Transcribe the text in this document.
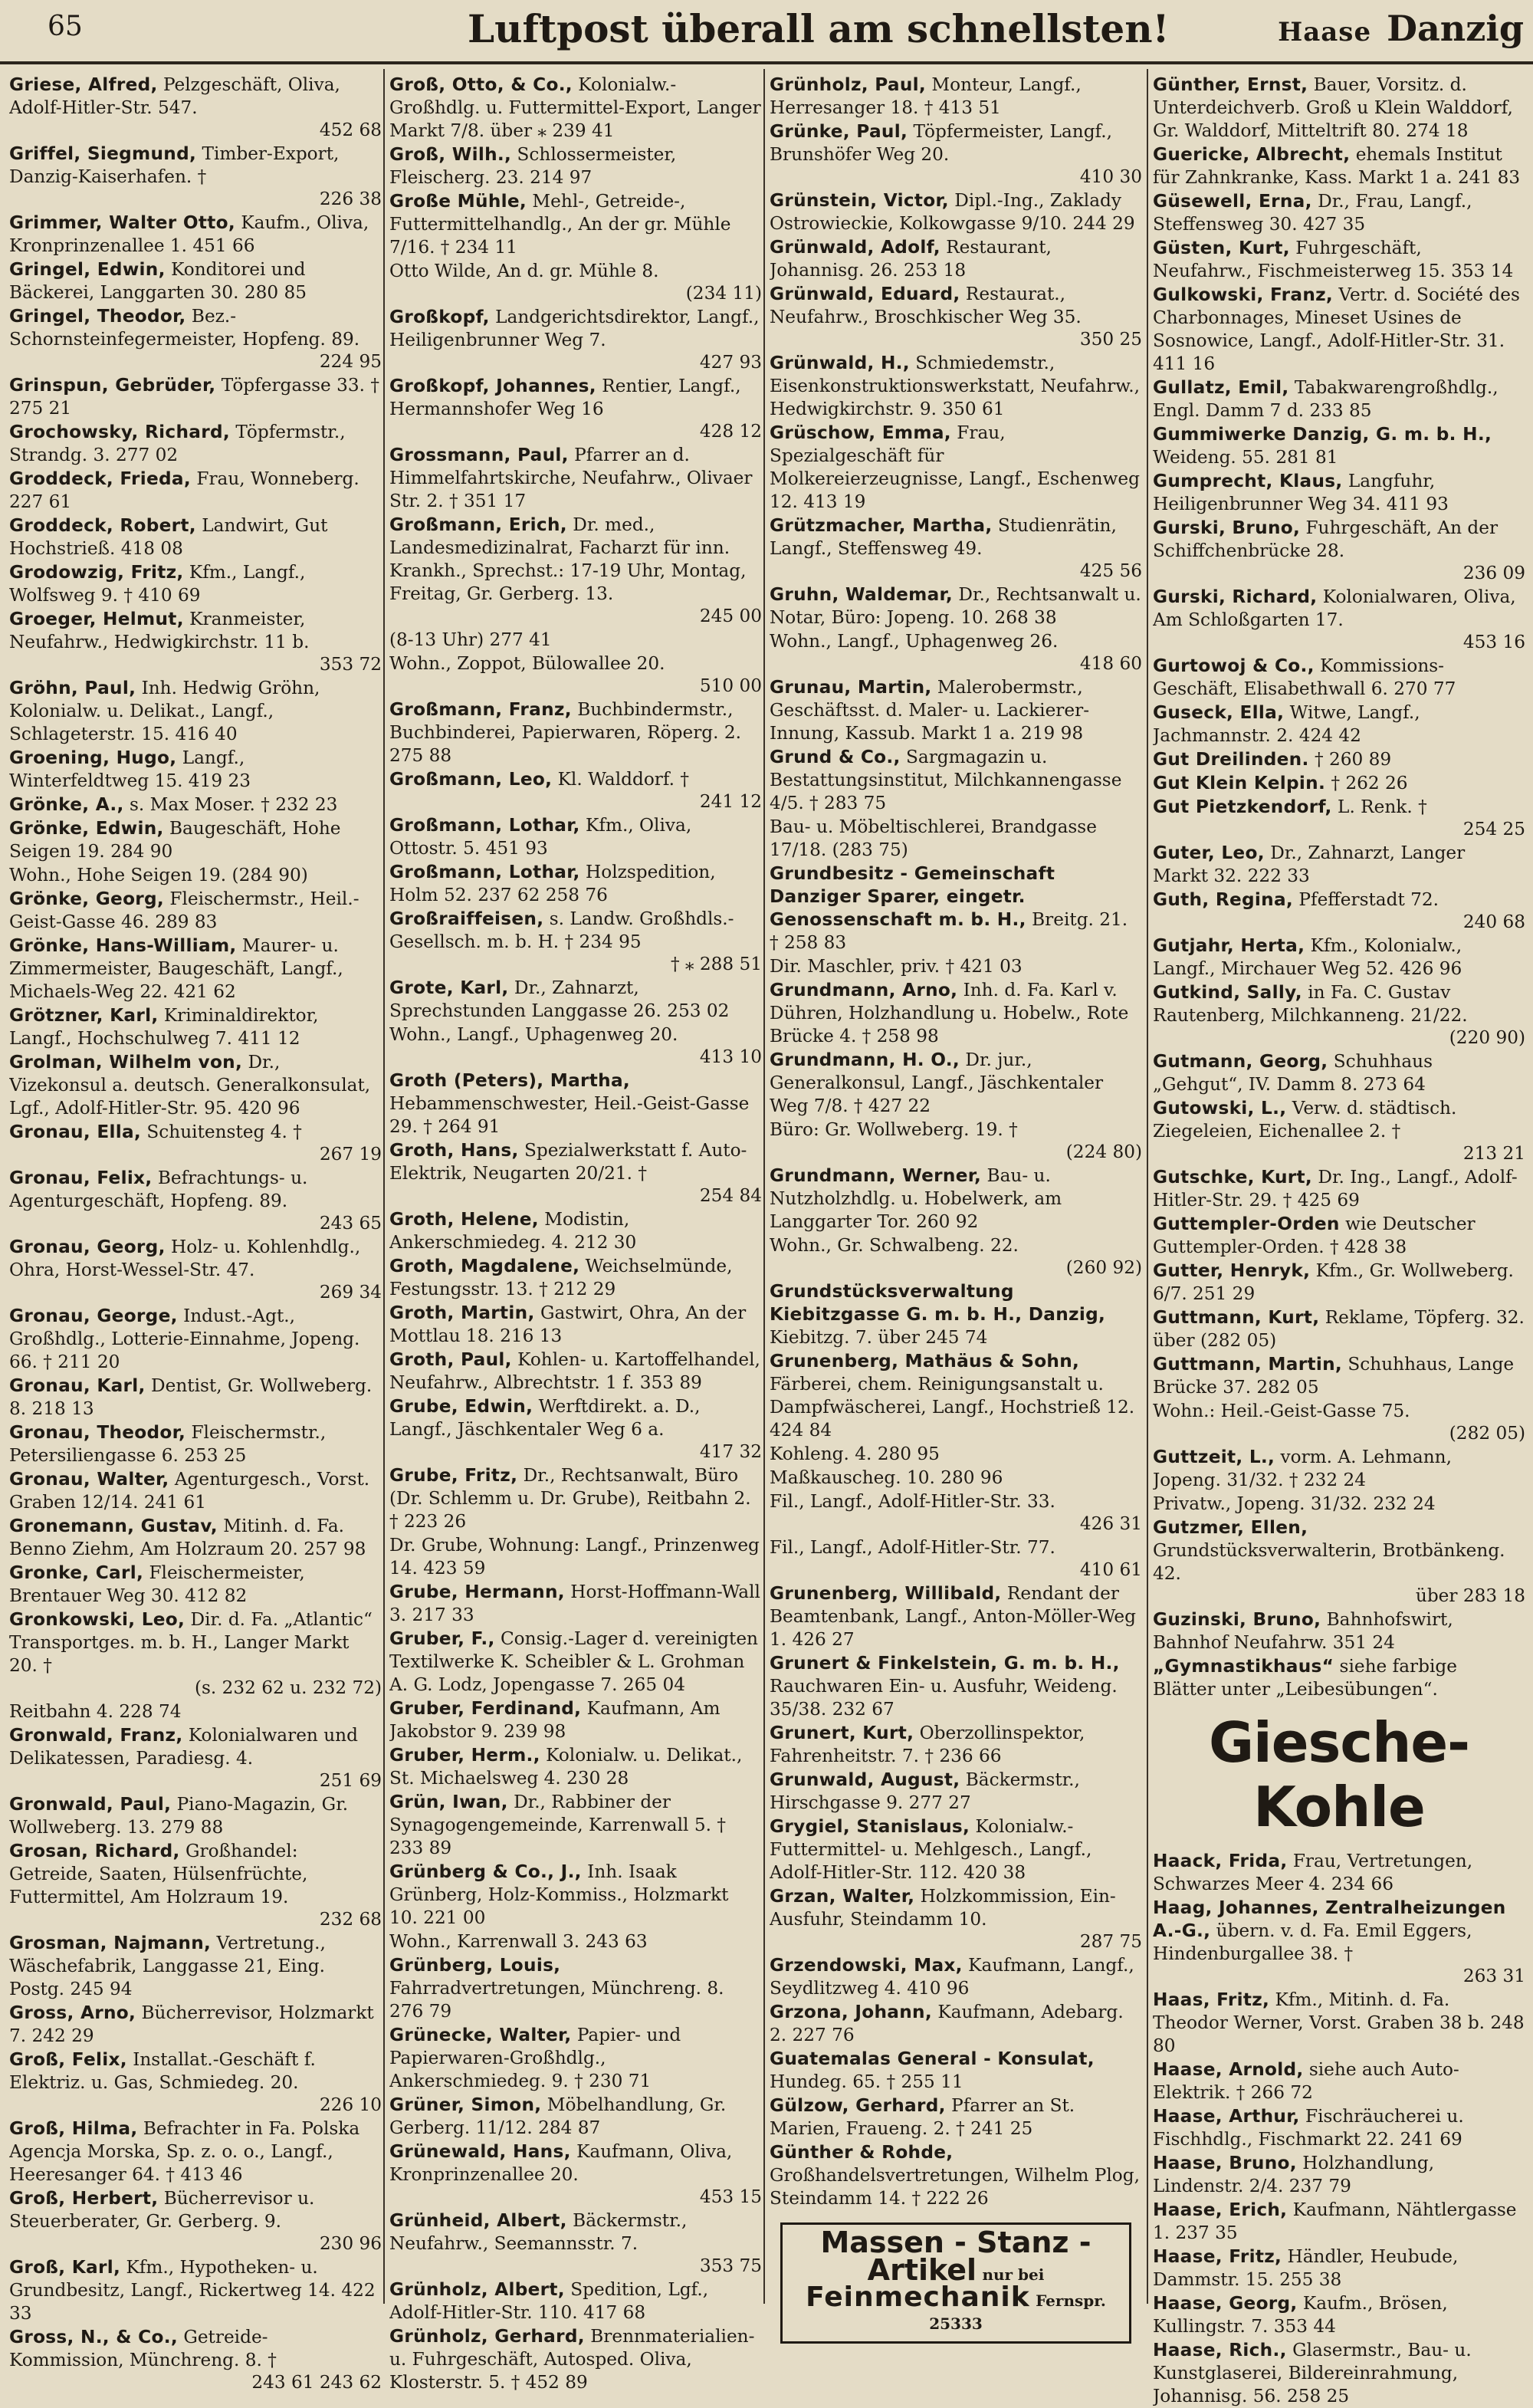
65	Luftpost überall am schnellsten!	Haase Danzig
Griese, Alfred, Pelzgeschäft, Oliva, Adolf-Hitler-Str. 547.
452 68
Griffel, Siegmund, Timber-Export, Danzig-Kaiserhafen. †
226 38
Grimmer, Walter Otto, Kaufm., Oliva, Kronprinzenallee 1. 451 66
Gringel, Edwin, Konditorei und Bäckerei, Langgarten 30. 280 85
Gringel, Theodor, Bez.-Schornsteinfegermeister, Hopfeng. 89.
224 95
Grinspun, Gebrüder, Töpfergasse 33. † 275 21
Grochowsky, Richard, Töpfermstr., Strandg. 3. 277 02
Groddeck, Frieda, Frau, Wonneberg. 227 61
Groddeck, Robert, Landwirt, Gut Hochstrieß. 418 08
Grodowzig, Fritz, Kfm., Langf., Wolfsweg 9. † 410 69
Groeger, Helmut, Kranmeister, Neufahrw., Hedwigkirchstr. 11 b.
353 72
Gröhn, Paul, Inh. Hedwig Gröhn, Kolonialw. u. Delikat., Langf., Schlageterstr. 15. 416 40
Groening, Hugo, Langf., Winterfeldtweg 15. 419 23
Grönke, A., s. Max Moser. † 232 23
Grönke, Edwin, Baugeschäft, Hohe Seigen 19. 284 90
Wohn., Hohe Seigen 19. (284 90)
Grönke, Georg, Fleischermstr., Heil.-Geist-Gasse 46. 289 83
Grönke, Hans-William, Maurer- u. Zimmermeister, Baugeschäft, Langf., Michaels-Weg 22. 421 62
Grötzner, Karl, Kriminaldirektor, Langf., Hochschulweg 7. 411 12
Grolman, Wilhelm von, Dr., Vizekonsul a. deutsch. Generalkonsulat, Lgf., Adolf-Hitler-Str. 95. 420 96
Gronau, Ella, Schuitensteg 4. †
267 19
Gronau, Felix, Befrachtungs- u. Agenturgeschäft, Hopfeng. 89.
243 65
Gronau, Georg, Holz- u. Kohlenhdlg., Ohra, Horst-Wessel-Str. 47.
269 34
Gronau, George, Indust.-Agt., Großhdlg., Lotterie-Einnahme, Jopeng. 66. † 211 20
Gronau, Karl, Dentist, Gr. Wollweberg. 8. 218 13
Gronau, Theodor, Fleischermstr., Petersiliengasse 6. 253 25
Gronau, Walter, Agenturgesch., Vorst. Graben 12/14. 241 61
Gronemann, Gustav, Mitinh. d. Fa. Benno Ziehm, Am Holzraum 20. 257 98
Gronke, Carl, Fleischermeister, Brentauer Weg 30. 412 82
Gronkowski, Leo, Dir. d. Fa. „Atlantic“ Transportges. m. b. H., Langer Markt 20. †
(s. 232 62 u. 232 72)
Reitbahn 4. 228 74
Gronwald, Franz, Kolonialwaren und Delikatessen, Paradiesg. 4.
251 69
Gronwald, Paul, Piano-Magazin, Gr. Wollweberg. 13. 279 88
Grosan, Richard, Großhandel: Getreide, Saaten, Hülsenfrüchte, Futtermittel, Am Holzraum 19.
232 68
Grosman, Najmann, Vertretung., Wäschefabrik, Langgasse 21, Eing. Postg. 245 94
Gross, Arno, Bücherrevisor, Holzmarkt 7. 242 29
Groß, Felix, Installat.-Geschäft f. Elektriz. u. Gas, Schmiedeg. 20.
226 10
Groß, Hilma, Befrachter in Fa. Polska Agencja Morska, Sp. z. o. o., Langf., Heeresanger 64. † 413 46
Groß, Herbert, Bücherrevisor u. Steuerberater, Gr. Gerberg. 9.
230 96
Groß, Karl, Kfm., Hypotheken- u. Grundbesitz, Langf., Rickertweg 14. 422 33
Gross, N., & Co., Getreide-Kommission, Münchreng. 8. †
243 61 243 62
Groß, Otto, & Co., Kolonialw.-Großhdlg. u. Futtermittel-Export, Langer Markt 7/8. über ⁎ 239 41
Groß, Wilh., Schlossermeister, Fleischerg. 23. 214 97
Große Mühle, Mehl-, Getreide-, Futtermittelhandlg., An der gr. Mühle 7/16. † 234 11
Otto Wilde, An d. gr. Mühle 8.
(234 11)
Großkopf, Landgerichtsdirektor, Langf., Heiligenbrunner Weg 7.
427 93
Großkopf, Johannes, Rentier, Langf., Hermannshofer Weg 16
428 12
Grossmann, Paul, Pfarrer an d. Himmelfahrtskirche, Neufahrw., Olivaer Str. 2. † 351 17
Großmann, Erich, Dr. med., Landesmedizinalrat, Facharzt für inn. Krankh., Sprechst.: 17-19 Uhr, Montag, Freitag, Gr. Gerberg. 13.
245 00
(8-13 Uhr) 277 41
Wohn., Zoppot, Bülowallee 20.
510 00
Großmann, Franz, Buchbindermstr., Buchbinderei, Papierwaren, Röperg. 2. 275 88
Großmann, Leo, Kl. Walddorf. †
241 12
Großmann, Lothar, Kfm., Oliva, Ottostr. 5. 451 93
Großmann, Lothar, Holzspedition, Holm 52. 237 62 258 76
Großraiffeisen, s. Landw. Großhdls.-Gesellsch. m. b. H. † 234 95
† ⁎ 288 51
Grote, Karl, Dr., Zahnarzt, Sprechstunden Langgasse 26. 253 02
Wohn., Langf., Uphagenweg 20.
413 10
Groth (Peters), Martha, Hebammenschwester, Heil.-Geist-Gasse 29. † 264 91
Groth, Hans, Spezialwerkstatt f. Auto-Elektrik, Neugarten 20/21. †
254 84
Groth, Helene, Modistin, Ankerschmiedeg. 4. 212 30
Groth, Magdalene, Weichselmünde, Festungsstr. 13. † 212 29
Groth, Martin, Gastwirt, Ohra, An der Mottlau 18. 216 13
Groth, Paul, Kohlen- u. Kartoffelhandel, Neufahrw., Albrechtstr. 1 f. 353 89
Grube, Edwin, Werftdirekt. a. D., Langf., Jäschkentaler Weg 6 a.
417 32
Grube, Fritz, Dr., Rechtsanwalt, Büro (Dr. Schlemm u. Dr. Grube), Reitbahn 2. † 223 26
Dr. Grube, Wohnung: Langf., Prinzenweg 14. 423 59
Grube, Hermann, Horst-Hoffmann-Wall 3. 217 33
Gruber, F., Consig.-Lager d. vereinigten Textilwerke K. Scheibler & L. Grohman A. G. Lodz, Jopengasse 7. 265 04
Gruber, Ferdinand, Kaufmann, Am Jakobstor 9. 239 98
Gruber, Herm., Kolonialw. u. Delikat., St. Michaelsweg 4. 230 28
Grün, Iwan, Dr., Rabbiner der Synagogengemeinde, Karrenwall 5. † 233 89
Grünberg & Co., J., Inh. Isaak Grünberg, Holz-Kommiss., Holzmarkt 10. 221 00
Wohn., Karrenwall 3. 243 63
Grünberg, Louis, Fahrradvertretungen, Münchreng. 8. 276 79
Grünecke, Walter, Papier- und Papierwaren-Großhdlg., Ankerschmiedeg. 9. † 230 71
Grüner, Simon, Möbelhandlung, Gr. Gerberg. 11/12. 284 87
Grünewald, Hans, Kaufmann, Oliva, Kronprinzenallee 20.
453 15
Grünheid, Albert, Bäckermstr., Neufahrw., Seemannsstr. 7.
353 75
Grünholz, Albert, Spedition, Lgf., Adolf-Hitler-Str. 110. 417 68
Grünholz, Gerhard, Brennmaterialien-u. Fuhrgeschäft, Autosped. Oliva, Klosterstr. 5. † 452 89
Grünholz, Paul, Monteur, Langf., Herresanger 18. † 413 51
Grünke, Paul, Töpfermeister, Langf., Brunshöfer Weg 20.
410 30
Grünstein, Victor, Dipl.-Ing., Zaklady Ostrowieckie, Kolkowgasse 9/10. 244 29
Grünwald, Adolf, Restaurant, Johannisg. 26. 253 18
Grünwald, Eduard, Restaurat., Neufahrw., Broschkischer Weg 35.
350 25
Grünwald, H., Schmiedemstr., Eisenkonstruktionswerkstatt, Neufahrw., Hedwigkirchstr. 9. 350 61
Grüschow, Emma, Frau, Spezialgeschäft für Molkereierzeugnisse, Langf., Eschenweg 12. 413 19
Grützmacher, Martha, Studienrätin, Langf., Steffensweg 49.
425 56
Gruhn, Waldemar, Dr., Rechtsanwalt u. Notar, Büro: Jopeng. 10. 268 38
Wohn., Langf., Uphagenweg 26.
418 60
Grunau, Martin, Malerobermstr., Geschäftsst. d. Maler- u. Lackierer-Innung, Kassub. Markt 1 a. 219 98
Grund & Co., Sargmagazin u. Bestattungsinstitut, Milchkannengasse 4/5. † 283 75
Bau- u. Möbeltischlerei, Brandgasse 17/18. (283 75)
Grundbesitz - Gemeinschaft Danziger Sparer, eingetr. Genossenschaft m. b. H., Breitg. 21. † 258 83
Dir. Maschler, priv. † 421 03
Grundmann, Arno, Inh. d. Fa. Karl v. Dühren, Holzhandlung u. Hobelw., Rote Brücke 4. † 258 98
Grundmann, H. O., Dr. jur., Generalkonsul, Langf., Jäschkentaler Weg 7/8. † 427 22
Büro: Gr. Wollweberg. 19. †
(224 80)
Grundmann, Werner, Bau- u. Nutzholzhdlg. u. Hobelwerk, am Langgarter Tor. 260 92
Wohn., Gr. Schwalbeng. 22.
(260 92)
Grundstücksverwaltung Kiebitzgasse G. m. b. H., Danzig, Kiebitzg. 7. über 245 74
Grunenberg, Mathäus & Sohn, Färberei, chem. Reinigungsanstalt u. Dampfwäscherei, Langf., Hochstrieß 12. 424 84
Kohleng. 4. 280 95
Maßkauscheg. 10. 280 96
Fil., Langf., Adolf-Hitler-Str. 33.
426 31
Fil., Langf., Adolf-Hitler-Str. 77.
410 61
Grunenberg, Willibald, Rendant der Beamtenbank, Langf., Anton-Möller-Weg 1. 426 27
Grunert & Finkelstein, G. m. b. H., Rauchwaren Ein- u. Ausfuhr, Weideng. 35/38. 232 67
Grunert, Kurt, Oberzollinspektor, Fahrenheitstr. 7. † 236 66
Grunwald, August, Bäckermstr., Hirschgasse 9. 277 27
Grygiel, Stanislaus, Kolonialw.-Futtermittel- u. Mehlgesch., Langf., Adolf-Hitler-Str. 112. 420 38
Grzan, Walter, Holzkommission, Ein- Ausfuhr, Steindamm 10.
287 75
Grzendowski, Max, Kaufmann, Langf., Seydlitzweg 4. 410 96
Grzona, Johann, Kaufmann, Adebarg. 2. 227 76
Guatemalas General - Konsulat, Hundeg. 65. † 255 11
Gülzow, Gerhard, Pfarrer an St. Marien, Fraueng. 2. † 241 25
Günther & Rohde, Großhandelsvertretungen, Wilhelm Plog, Steindamm 14. † 222 26
Massen - Stanz - Artikel nur bei
Feinmechanik Fernspr. 25333
Günther, Ernst, Bauer, Vorsitz. d. Unterdeichverb. Groß u Klein Walddorf, Gr. Walddorf, Mitteltrift 80. 274 18
Guericke, Albrecht, ehemals Institut für Zahnkranke, Kass. Markt 1 a. 241 83
Güsewell, Erna, Dr., Frau, Langf., Steffensweg 30. 427 35
Güsten, Kurt, Fuhrgeschäft, Neufahrw., Fischmeisterweg 15. 353 14
Gulkowski, Franz, Vertr. d. Société des Charbonnages, Mineset Usines de Sosnowice, Langf., Adolf-Hitler-Str. 31. 411 16
Gullatz, Emil, Tabakwarengroßhdlg., Engl. Damm 7 d. 233 85
Gummiwerke Danzig, G. m. b. H., Weideng. 55. 281 81
Gumprecht, Klaus, Langfuhr, Heiligenbrunner Weg 34. 411 93
Gurski, Bruno, Fuhrgeschäft, An der Schiffchenbrücke 28.
236 09
Gurski, Richard, Kolonialwaren, Oliva, Am Schloßgarten 17.
453 16
Gurtowoj & Co., Kommissions-Geschäft, Elisabethwall 6. 270 77
Guseck, Ella, Witwe, Langf., Jachmannstr. 2. 424 42
Gut Dreilinden. † 260 89
Gut Klein Kelpin. † 262 26
Gut Pietzkendorf, L. Renk. †
254 25
Guter, Leo, Dr., Zahnarzt, Langer Markt 32. 222 33
Guth, Regina, Pfefferstadt 72.
240 68
Gutjahr, Herta, Kfm., Kolonialw., Langf., Mirchauer Weg 52. 426 96
Gutkind, Sally, in Fa. C. Gustav Rautenberg, Milchkanneng. 21/22.
(220 90)
Gutmann, Georg, Schuhhaus „Gehgut“, IV. Damm 8. 273 64
Gutowski, L., Verw. d. städtisch. Ziegeleien, Eichenallee 2. †
213 21
Gutschke, Kurt, Dr. Ing., Langf., Adolf-Hitler-Str. 29. † 425 69
Guttempler-Orden wie Deutscher Guttempler-Orden. † 428 38
Gutter, Henryk, Kfm., Gr. Wollweberg. 6/7. 251 29
Guttmann, Kurt, Reklame, Töpferg. 32. über (282 05)
Guttmann, Martin, Schuhhaus, Lange Brücke 37. 282 05
Wohn.: Heil.-Geist-Gasse 75.
(282 05)
Guttzeit, L., vorm. A. Lehmann, Jopeng. 31/32. † 232 24
Privatw., Jopeng. 31/32. 232 24
Gutzmer, Ellen, Grundstücksverwalterin, Brotbänkeng. 42.
über 283 18
Guzinski, Bruno, Bahnhofswirt, Bahnhof Neufahrw. 351 24
„Gymnastikhaus“ siehe farbige Blätter unter „Leibesübungen“.
Giesche-Kohle
Haack, Frida, Frau, Vertretungen, Schwarzes Meer 4. 234 66
Haag, Johannes, Zentralheizungen A.-G., übern. v. d. Fa. Emil Eggers, Hindenburgallee 38. †
263 31
Haas, Fritz, Kfm., Mitinh. d. Fa. Theodor Werner, Vorst. Graben 38 b. 248 80
Haase, Arnold, siehe auch Auto-Elektrik. † 266 72
Haase, Arthur, Fischräucherei u. Fischhdlg., Fischmarkt 22. 241 69
Haase, Bruno, Holzhandlung, Lindenstr. 2/4. 237 79
Haase, Erich, Kaufmann, Nähtlergasse 1. 237 35
Haase, Fritz, Händler, Heubude, Dammstr. 15. 255 38
Haase, Georg, Kaufm., Brösen, Kullingstr. 7. 353 44
Haase, Rich., Glasermstr., Bau- u. Kunstglaserei, Bildereinrahmung, Johannisg. 56. 258 25
